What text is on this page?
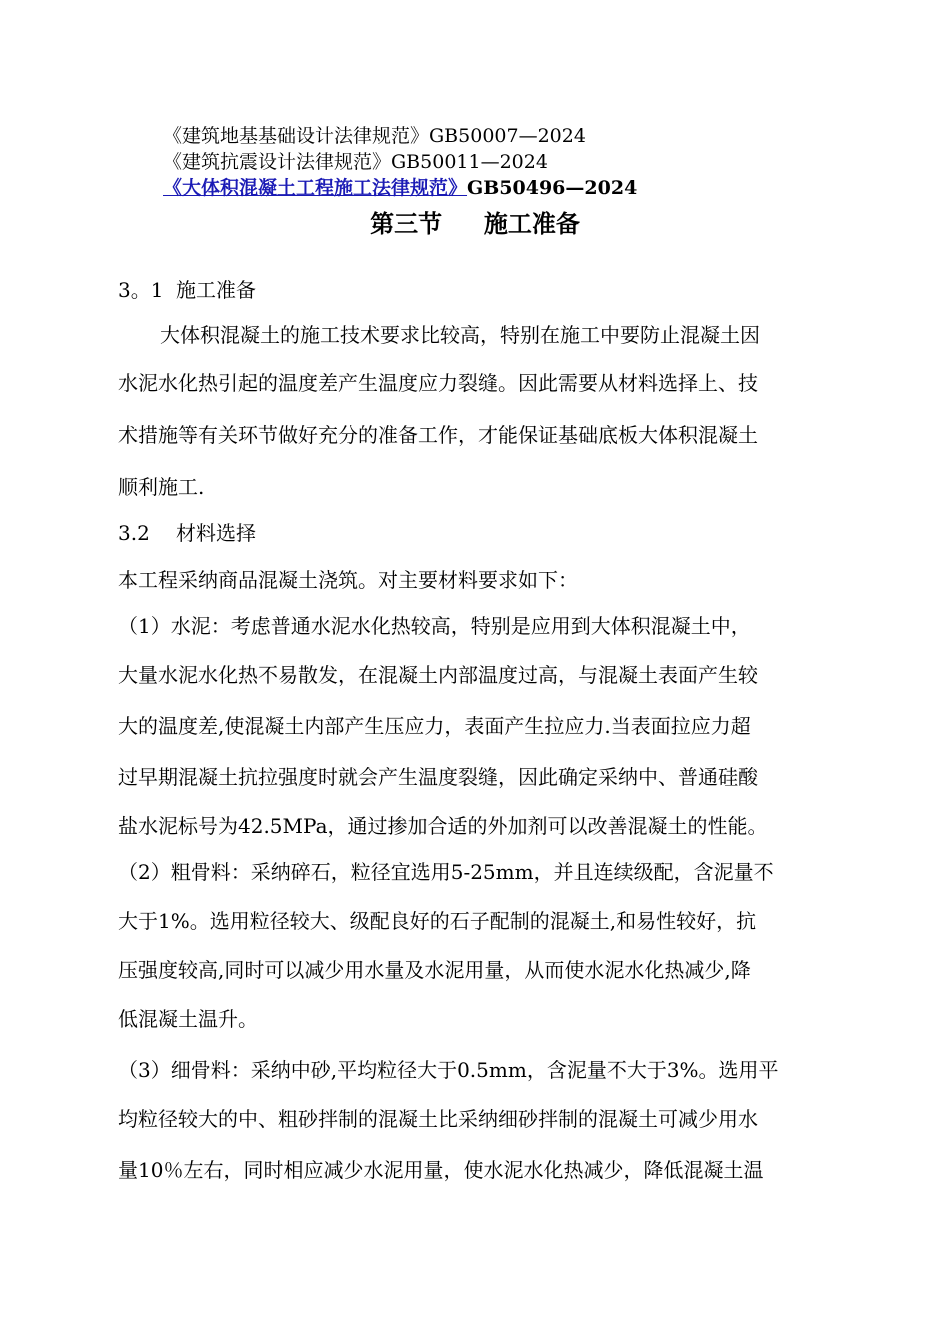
《建筑地基基础设计法律规范》GB50007—2024
《建筑抗震设计法律规范》GB50011—2024
《大体积混凝土工程施工法律规范》GB50496—2024
第三节     施工准备
3。1 施工准备
大体积混凝土的施工技术要求比较高，特别在施工中要防止混凝土因
水泥水化热引起的温度差产生温度应力裂缝。因此需要从材料选择上、技
术措施等有关环节做好充分的准备工作，才能保证基础底板大体积混凝土
顺利施工.
3.2 材料选择
本工程采纳商品混凝土浇筑。对主要材料要求如下：
（1）水泥：考虑普通水泥水化热较高，特别是应用到大体积混凝土中，
大量水泥水化热不易散发，在混凝土内部温度过高，与混凝土表面产生较
大的温度差,使混凝土内部产生压应力，表面产生拉应力.当表面拉应力超
过早期混凝土抗拉强度时就会产生温度裂缝，因此确定采纳中、普通硅酸
盐水泥标号为42.5MPa，通过掺加合适的外加剂可以改善混凝土的性能。
（2）粗骨料：采纳碎石，粒径宜选用5-25mm，并且连续级配，含泥量不
大于1%。选用粒径较大、级配良好的石子配制的混凝土,和易性较好，抗
压强度较高,同时可以减少用水量及水泥用量，从而使水泥水化热减少,降
低混凝土温升。
（3）细骨料：采纳中砂,平均粒径大于0.5mm，含泥量不大于3%。选用平
均粒径较大的中、粗砂拌制的混凝土比采纳细砂拌制的混凝土可减少用水
量10％左右，同时相应减少水泥用量，使水泥水化热减少，降低混凝土温
